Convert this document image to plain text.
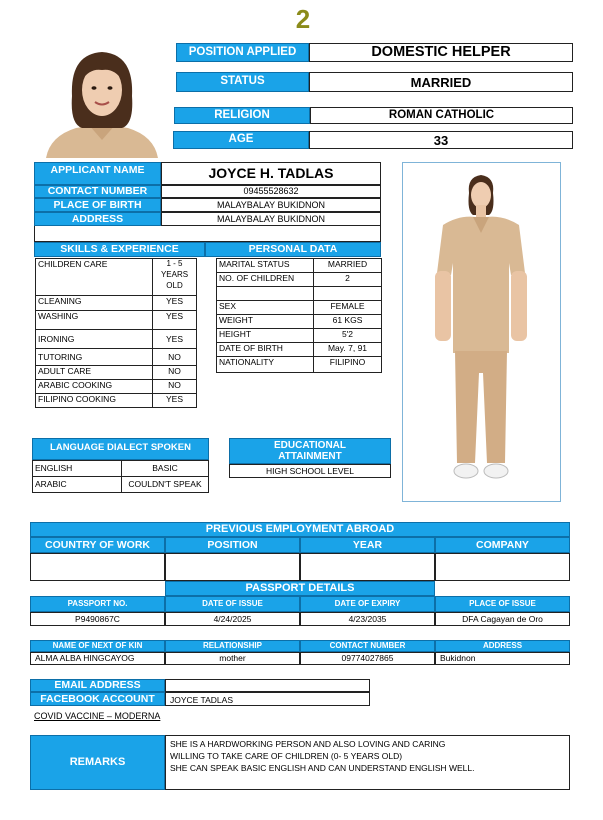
2
POSITION APPLIED	DOMESTIC HELPER
STATUS	MARRIED
RELIGION	ROMAN CATHOLIC
AGE	33
APPLICANT NAME	JOYCE H. TADLAS
CONTACT NUMBER	09455528632
PLACE OF BIRTH	MALAYBALAY BUKIDNON
ADDRESS	MALAYBALAY BUKIDNON
SKILLS & EXPERIENCE	PERSONAL DATA
CHILDREN CARE	1 - 5
YEARS
OLD
CLEANING	YES
WASHING	YES
IRONING	YES
TUTORING	NO
ADULT CARE	NO
ARABIC COOKING	NO
FILIPINO COOKING	YES
MARITAL STATUS	MARRIED
NO. OF CHILDREN	2

SEX	FEMALE
WEIGHT	61 KGS
HEIGHT	5'2
DATE OF BIRTH	May. 7, 91
NATIONALITY	FILIPINO
LANGUAGE DIALECT SPOKEN
ENGLISH	BASIC
ARABIC	COULDN'T SPEAK
EDUCATIONAL ATTAINMENT
HIGH SCHOOL LEVEL
PREVIOUS EMPLOYMENT ABROAD
COUNTRY OF WORK	POSITION	YEAR	COMPANY
PASSPORT DETAILS
PASSPORT NO.	DATE OF ISSUE	DATE OF EXPIRY	PLACE OF ISSUE
P9490867C	4/24/2025	4/23/2035	DFA Cagayan de Oro
NAME OF NEXT OF KIN	RELATIONSHIP	CONTACT NUMBER	ADDRESS
ALMA ALBA HINGCAYOG	mother	09774027865	Bukidnon
EMAIL ADDRESS
FACEBOOK ACCOUNT	JOYCE TADLAS
COVID VACCINE – MODERNA
REMARKS
SHE IS A HARDWORKING PERSON AND ALSO LOVING AND CARING
WILLING TO TAKE CARE OF CHILDREN (0- 5 YEARS OLD)
SHE CAN SPEAK BASIC ENGLISH AND CAN UNDERSTAND ENGLISH WELL.
